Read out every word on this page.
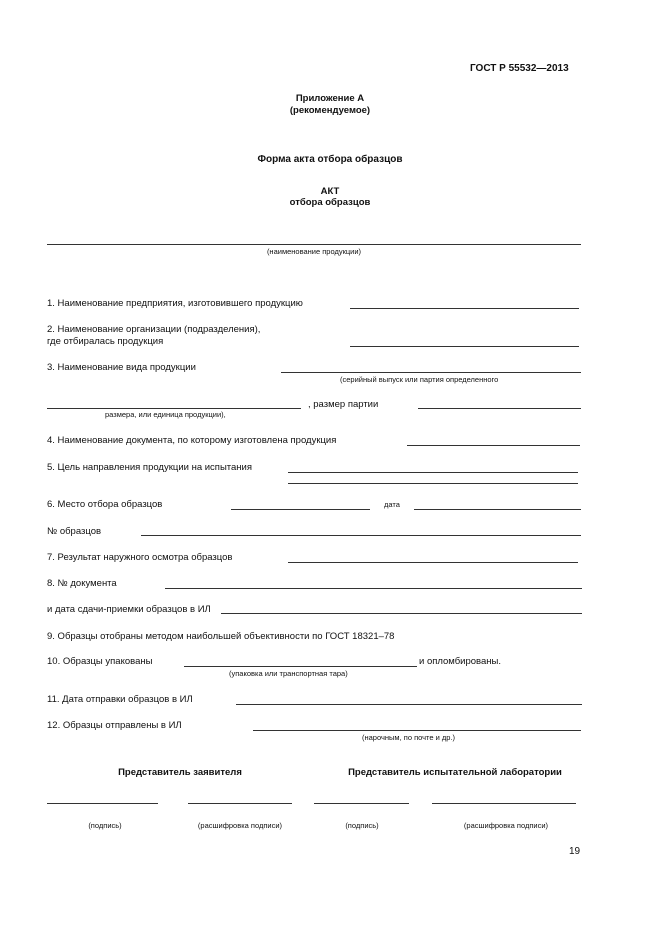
ГОСТ Р 55532—2013
Приложение А
(рекомендуемое)
Форма акта отбора образцов
АКТ
отбора образцов
(наименование продукции)
1. Наименование предприятия, изготовившего продукцию
2. Наименование организации (подразделения),
где отбиралась продукция
3. Наименование вида продукции
(серийный выпуск или партия определенного
, размер партии
размера, или единица продукции),
4. Наименование документа, по которому изготовлена продукция
5. Цель направления продукции на испытания
6. Место отбора образцов	дата
№ образцов
7. Результат наружного осмотра образцов
8. № документа
и дата сдачи-приемки образцов в ИЛ
9. Образцы отобраны методом наибольшей объективности по ГОСТ 18321–78
10. Образцы упакованы	и опломбированы.
(упаковка или транспортная тара)
11. Дата отправки образцов в ИЛ
12. Образцы отправлены в ИЛ
(нарочным, по почте и др.)
Представитель заявителя	Представитель испытательной лаборатории
(подпись)	(расшифровка подписи)	(подпись)	(расшифровка подписи)
19
